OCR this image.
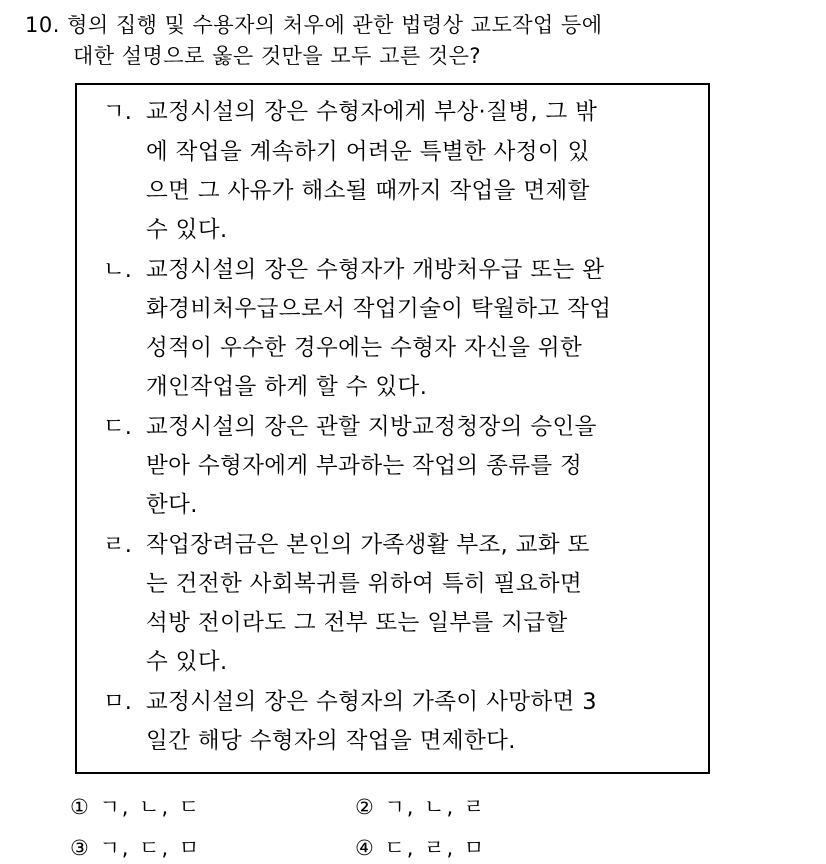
10. 형의 집행 및 수용자의 처우에 관한 법령상 교도작업 등에
대한 설명으로 옳은 것만을 모두 고른 것은?
ㄱ. 교정시설의 장은 수형자에게 부상·질병, 그 밖
에 작업을 계속하기 어려운 특별한 사정이 있
으면 그 사유가 해소될 때까지 작업을 면제할
수 있다.
ㄴ. 교정시설의 장은 수형자가 개방처우급 또는 완
화경비처우급으로서 작업기술이 탁월하고 작업
성적이 우수한 경우에는 수형자 자신을 위한
개인작업을 하게 할 수 있다.
ㄷ. 교정시설의 장은 관할 지방교정청장의 승인을
받아 수형자에게 부과하는 작업의 종류를 정
한다.
ㄹ. 작업장려금은 본인의 가족생활 부조, 교화 또
는 건전한 사회복귀를 위하여 특히 필요하면
석방 전이라도 그 전부 또는 일부를 지급할
수 있다.
ㅁ. 교정시설의 장은 수형자의 가족이 사망하면 3
일간 해당 수형자의 작업을 면제한다.
① ㄱ, ㄴ, ㄷ	② ㄱ, ㄴ, ㄹ
③ ㄱ, ㄷ, ㅁ	④ ㄷ, ㄹ, ㅁ
